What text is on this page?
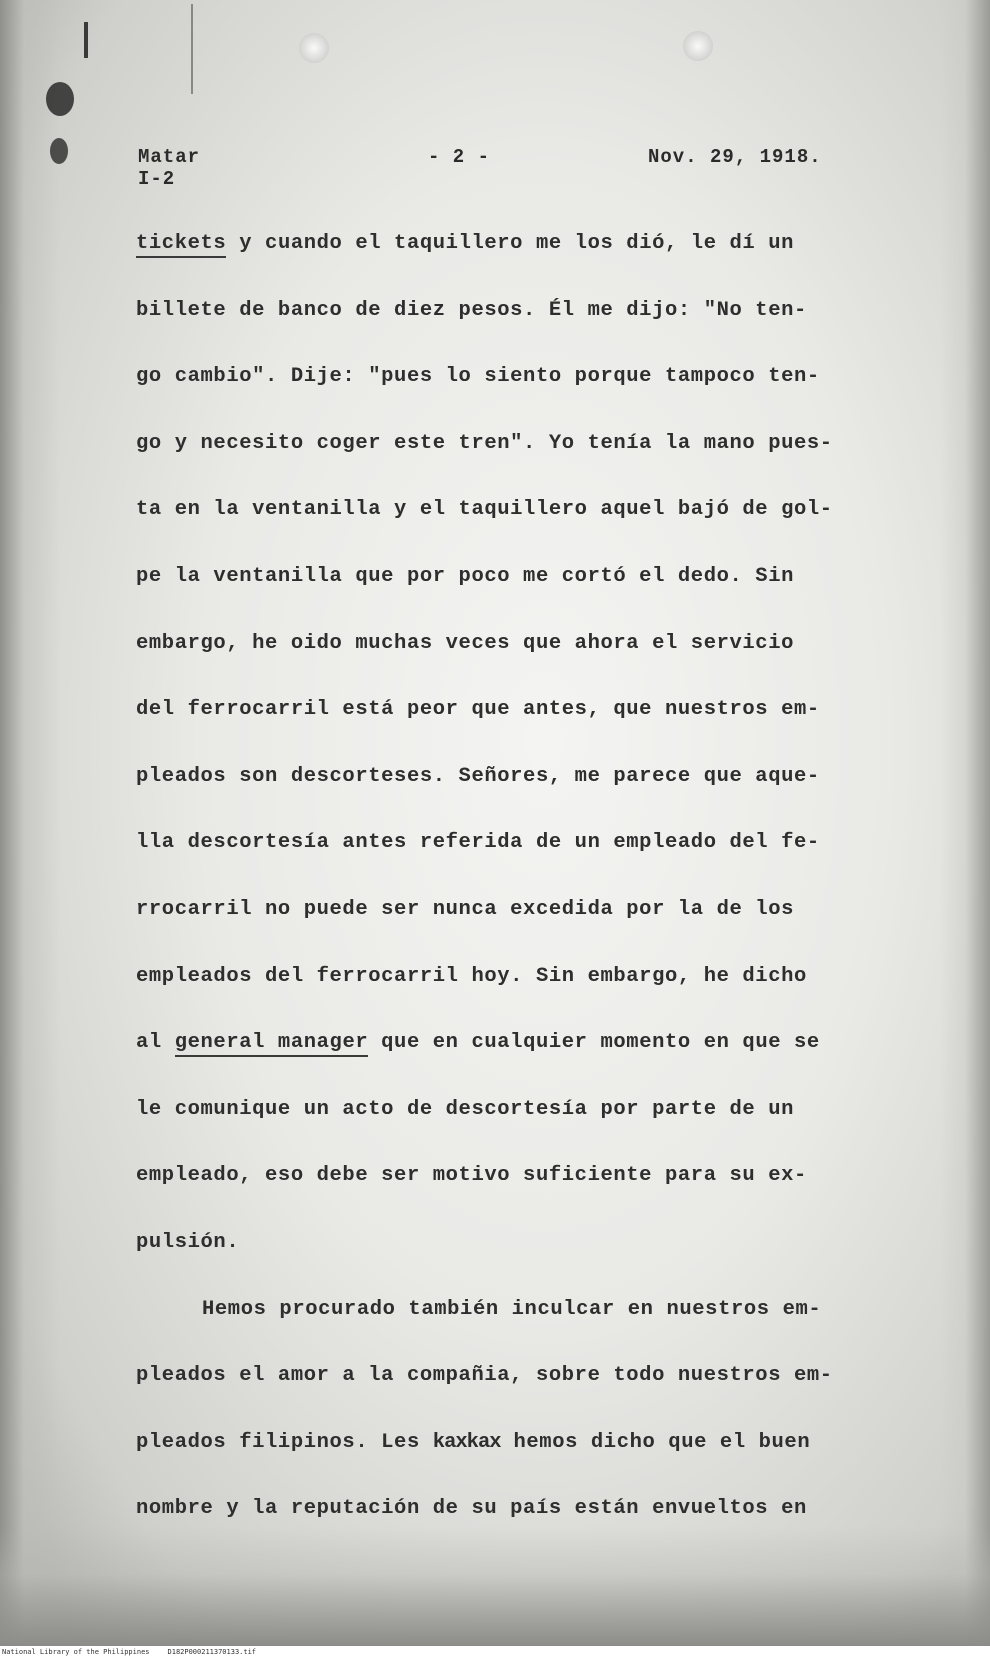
Matar
I-2
- 2 -	Nov. 29, 1918.
tickets y cuando el taquillero me los dió, le dí un
billete de banco de diez pesos. Él me dijo: "No ten-
go cambio". Dije: "pues lo siento porque tampoco ten-
go y necesito coger este tren". Yo tenía la mano pues-
ta en la ventanilla y el taquillero aquel bajó de gol-
pe la ventanilla que por poco me cortó el dedo. Sin
embargo, he oido muchas veces que ahora el servicio
del ferrocarril está peor que antes, que nuestros em-
pleados son descorteses. Señores, me parece que aque-
lla descortesía antes referida de un empleado del fe-
rrocarril no puede ser nunca excedida por la de los
empleados del ferrocarril hoy. Sin embargo, he dicho
al general manager que en cualquier momento en que se
le comunique un acto de descortesía por parte de un
empleado, eso debe ser motivo suficiente para su ex-
pulsión.
Hemos procurado también inculcar en nuestros em-
pleados el amor a la compañia, sobre todo nuestros em-
pleados filipinos. Les kaxkax hemos dicho que el buen
nombre y la reputación de su país están envueltos en
National Library of the Philippines	D182P000211370133.tif
